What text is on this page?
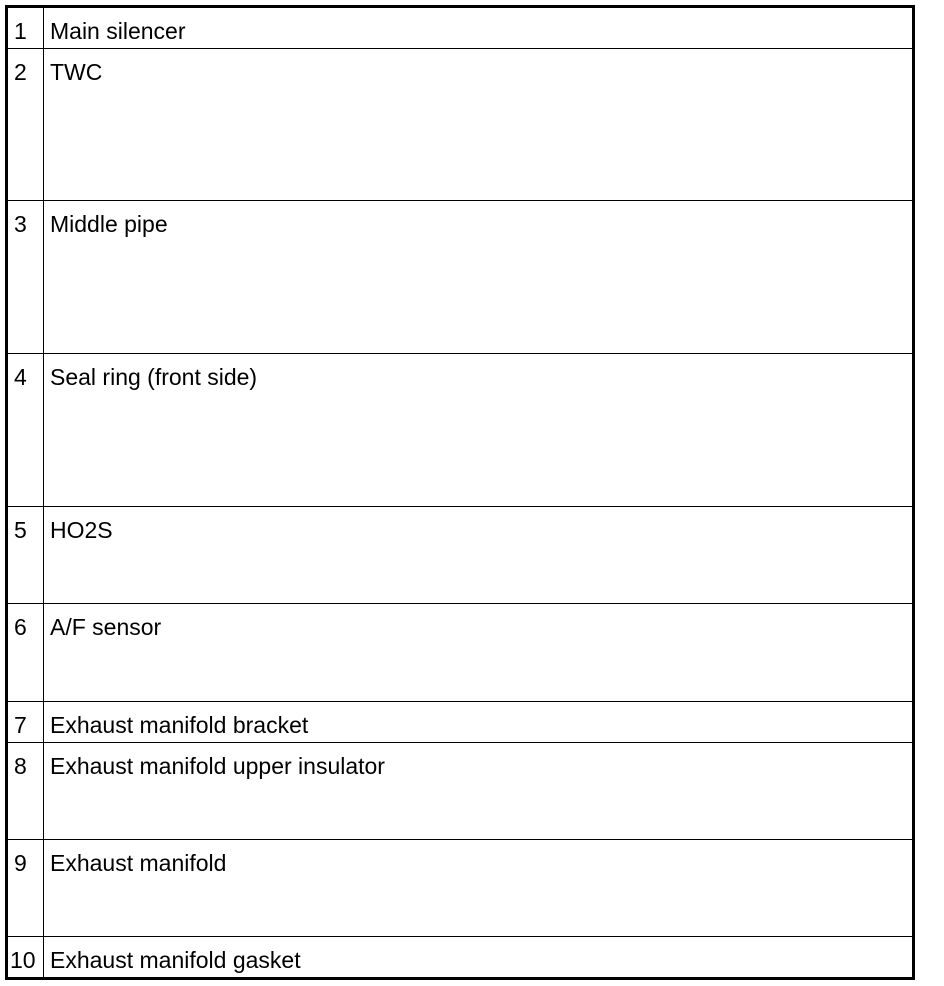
1	Main silencer
2	TWC
3	Middle pipe
4	Seal ring (front side)
5	HO2S
6	A/F sensor
7	Exhaust manifold bracket
8	Exhaust manifold upper insulator
9	Exhaust manifold
10	Exhaust manifold gasket
